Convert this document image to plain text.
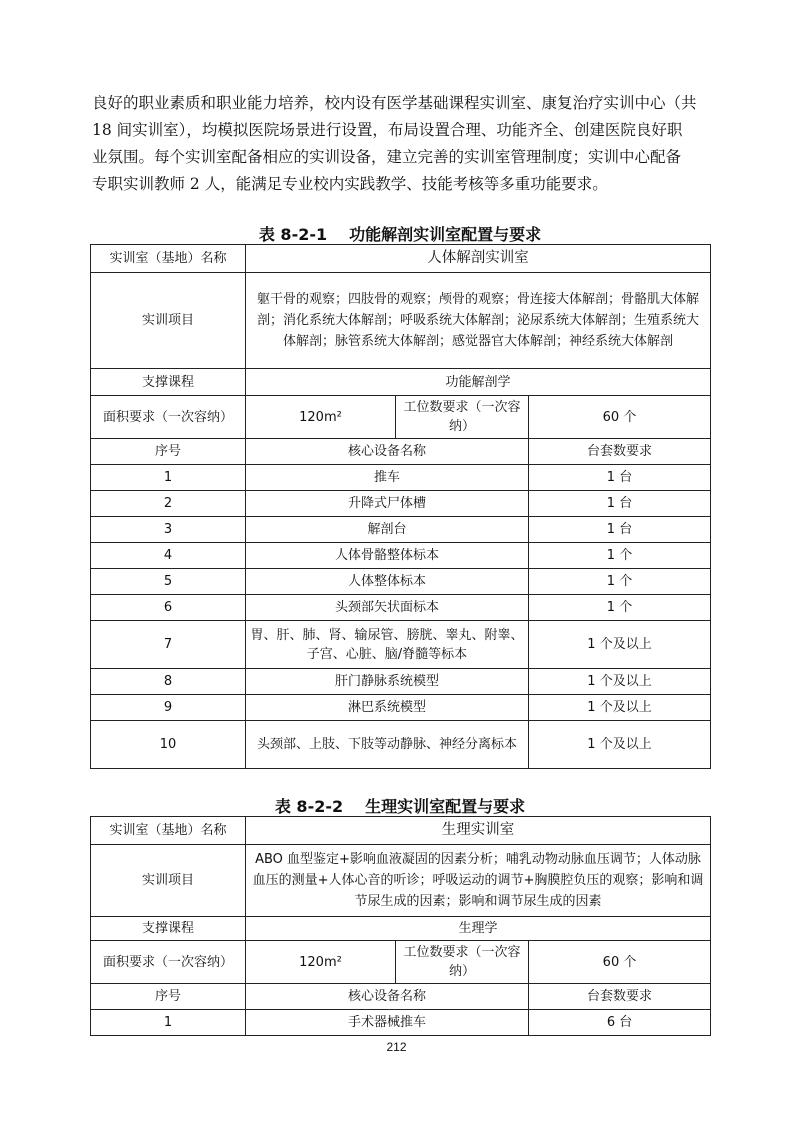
良好的职业素质和职业能力培养，校内设有医学基础课程实训室、康复治疗实训中心（共

18 间实训室），均模拟医院场景进行设置，布局设置合理、功能齐全、创建医院良好职

业氛围。每个实训室配备相应的实训设备，建立完善的实训室管理制度；实训中心配备

专职实训教师 2 人，能满足专业校内实践教学、技能考核等多重功能要求。

表 8-2-1 功能解剖实训室配置与要求
实训室（基地）名称	人体解剖实训室		
实训项目	躯干骨的观察；四肢骨的观察；颅骨的观察；骨连接大体解剖；骨骼肌大体解剖；消化系统大体解剖；呼吸系统大体解剖；泌尿系统大体解剖；生殖系统大体解剖；脉管系统大体解剖；感觉器官大体解剖；神经系统大体解剖		
支撑课程	功能解剖学		
面积要求（一次容纳）	120m²	工位数要求（一次容纳）	60 个
序号	核心设备名称		台套数要求
1	推车		1 台
2	升降式尸体槽		1 台
3	解剖台		1 台
4	人体骨骼整体标本		1 个
5	人体整体标本		1 个
6	头颈部矢状面标本		1 个
7	胃、肝、肺、肾、输尿管、膀胱、睾丸、附睾、子宫、心脏、脑/脊髓等标本		1 个及以上
8	肝门静脉系统模型		1 个及以上
9	淋巴系统模型		1 个及以上
10	头颈部、上肢、下肢等动静脉、神经分离标本		1 个及以上
表 8-2-2 生理实训室配置与要求
实训室（基地）名称	生理实训室		
实训项目	ABO 血型鉴定+影响血液凝固的因素分析；哺乳动物动脉血压调节；人体动脉血压的测量+人体心音的听诊；呼吸运动的调节+胸膜腔负压的观察；影响和调节尿生成的因素；影响和调节尿生成的因素		
支撑课程	生理学		
面积要求（一次容纳）	120m²	工位数要求（一次容纳）	60 个
序号	核心设备名称		台套数要求
1	手术器械推车		6 台
212
